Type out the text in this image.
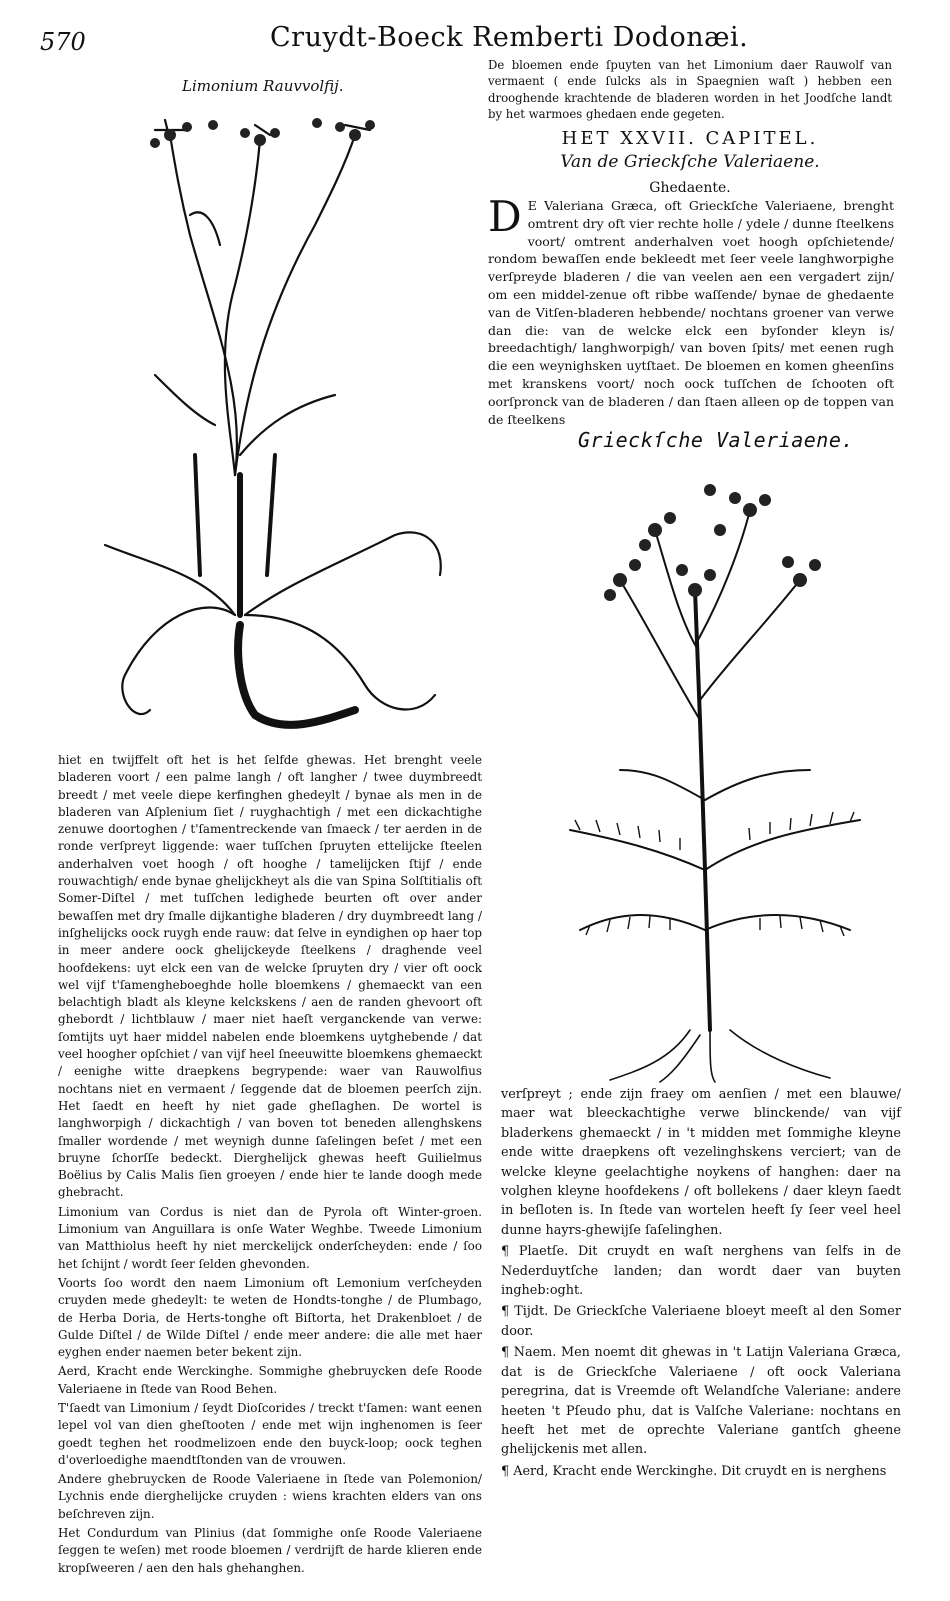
570	Cruydt-Boeck Remberti Dodonæi.
Limonium Rauvvolfij.

De bloemen ende ſpuyten van het Limonium daer Rauwolf van vermaent ( ende ſulcks als in Spaegnien waſt ) hebben een drooghende krachtende de bladeren worden in het Joodſche landt by het warmoes ghedaen ende gegeten.

HET XXVII. CAPITEL.
Van de Grieckſche Valeriaene.
Ghedaente.
D E Valeriana Græca, oft Grieckſche Valeriaene, brenght omtrent dry oft vier rechte holle / ydele / dunne ſteelkens voort/ omtrent anderhalven voet hoogh opſchietende/ rondom bewaſſen ende bekleedt met ſeer veele langhworpighe verſpreyde bladeren / die van veelen aen een vergadert zijn/ om een middel-zenue oft ribbe waſſende/ bynae de ghedaente van de Vitſen-bladeren hebbende/ nochtans groener van verwe dan die: van de welcke elck een byſonder kleyn is/ breedachtigh/ langhworpigh/ van boven ſpits/ met eenen rugh die een weynighsken uytſtaet. De bloemen en komen gheenſins met kranskens voort/ noch oock tuſſchen de ſchooten oft oorſpronck van de bladeren / dan ſtaen alleen op de toppen van de ſteelkens
Grieckſche Valeriaene.

hiet en twijffelt oft het is het ſelfde ghewas. Het brenght veele bladeren voort / een palme langh / oft langher / twee duymbreedt breedt / met veele diepe kerfinghen ghedeylt / bynae als men in de bladeren van Aſplenium ſiet / ruyghachtigh / met een dickachtighe zenuwe doortoghen / t'ſamentreckende van ſmaeck / ter aerden in de ronde verſpreyt liggende: waer tuſſchen ſpruyten ettelijcke ſteelen anderhalven voet hoogh / oft hooghe / tamelijcken ſtijf / ende rouwachtigh/ ende bynae ghelijckheyt als die van Spina Solſtitialis oft Somer-Diſtel / met tuſſchen ledighede beurten oft over ander bewaſſen met dry ſmalle dijkantighe bladeren / dry duymbreedt lang / inſghelijcks oock ruygh ende rauw: dat ſelve in eyndighen op haer top in meer andere oock ghelijckeyde ſteelkens / draghende veel hoofdekens: uyt elck een van de welcke ſpruyten dry / vier oft oock wel vijf t'ſamengheboeghde holle bloemkens / ghemaeckt van een belachtigh bladt als kleyne kelckskens / aen de randen ghevoort oft ghebordt / lichtblauw / maer niet haeſt verganckende van verwe: ſomtijts uyt haer middel nabelen ende bloemkens uytghebende / dat veel hoogher opſchiet / van vijf heel ſneeuwitte bloemkens ghemaeckt / eenighe witte draepkens begrypende: waer van Rauwolfius nochtans niet en vermaent / ſeggende dat de bloemen peerſch zijn. Het ſaedt en heeft hy niet gade gheſlaghen. De wortel is langhworpigh / dickachtigh / van boven tot beneden allenghskens ſmaller wordende / met weynigh dunne ſaſelingen beſet / met een bruyne ſchorſſe bedeckt. Dierghelijck ghewas heeft Guilielmus Boëlius by Calis Malis ſien groeyen / ende hier te lande doogh mede ghebracht.

Limonium van Cordus is niet dan de Pyrola oft Winter-groen. Limonium van Anguillara is onſe Water Weghbe. Tweede Limonium van Matthiolus heeft hy niet merckelijck onderſcheyden: ende / ſoo het ſchijnt / wordt ſeer ſelden ghevonden.

Voorts ſoo wordt den naem Limonium oft Lemonium verſcheyden cruyden mede ghedeylt: te weten de Hondts-tonghe / de Plumbago, de Herba Doria, de Herts-tonghe oft Biſtorta, het Drakenbloet / de Gulde Diſtel / de Wilde Diſtel / ende meer andere: die alle met haer eyghen ender naemen beter bekent zijn.

Aerd, Kracht ende Werckinghe. Sommighe ghebruycken deſe Roode Valeriaene in ſtede van Rood Behen.

T'ſaedt van Limonium / ſeydt Dioſcorides / treckt t'ſamen: want eenen lepel vol van dien gheſtooten / ende met wijn inghenomen is ſeer goedt teghen het roodmelizoen ende den buyck-loop; oock teghen d'overloedighe maendtſtonden van de vrouwen.

Andere ghebruycken de Roode Valeriaene in ſtede van Polemonion/ Lychnis ende dierghelijcke cruyden : wiens krachten elders van ons beſchreven zijn.

Het Condurdum van Plinius (dat ſommighe onſe Roode Valeriaene ſeggen te weſen) met roode bloemen / verdrijft de harde klieren ende kropſweeren / aen den hals ghehanghen.

verſpreyt ; ende zijn fraey om aenſien / met een blauwe/ maer wat bleeckachtighe verwe blinckende/ van vijf bladerkens ghemaeckt / in 't midden met ſommighe kleyne ende witte draepkens oft vezelinghskens verciert; van de welcke kleyne geelachtighe noykens of hanghen: daer na volghen kleyne hoofdekens / oft bollekens / daer kleyn ſaedt in beſloten is. In ſtede van wortelen heeft ſy ſeer veel heel dunne hayrs-ghewijſe ſaſelinghen.

¶ Plaetſe. Dit cruydt en waſt nerghens van ſelfs in de Nederduytſche landen; dan wordt daer van buyten ingheb:oght.

¶ Tijdt. De Grieckſche Valeriaene bloeyt meeſt al den Somer door.

¶ Naem. Men noemt dit ghewas in 't Latijn Valeriana Græca, dat is de Grieckſche Valeriaene / oft oock Valeriana peregrina, dat is Vreemde oft Welandſche Valeriane: andere heeten 't Pſeudo phu, dat is Valſche Valeriane: nochtans en heeft het met de oprechte Valeriane gantſch gheene ghelijckenis met allen.

¶ Aerd, Kracht ende Werckinghe. Dit cruydt en is nerghens
